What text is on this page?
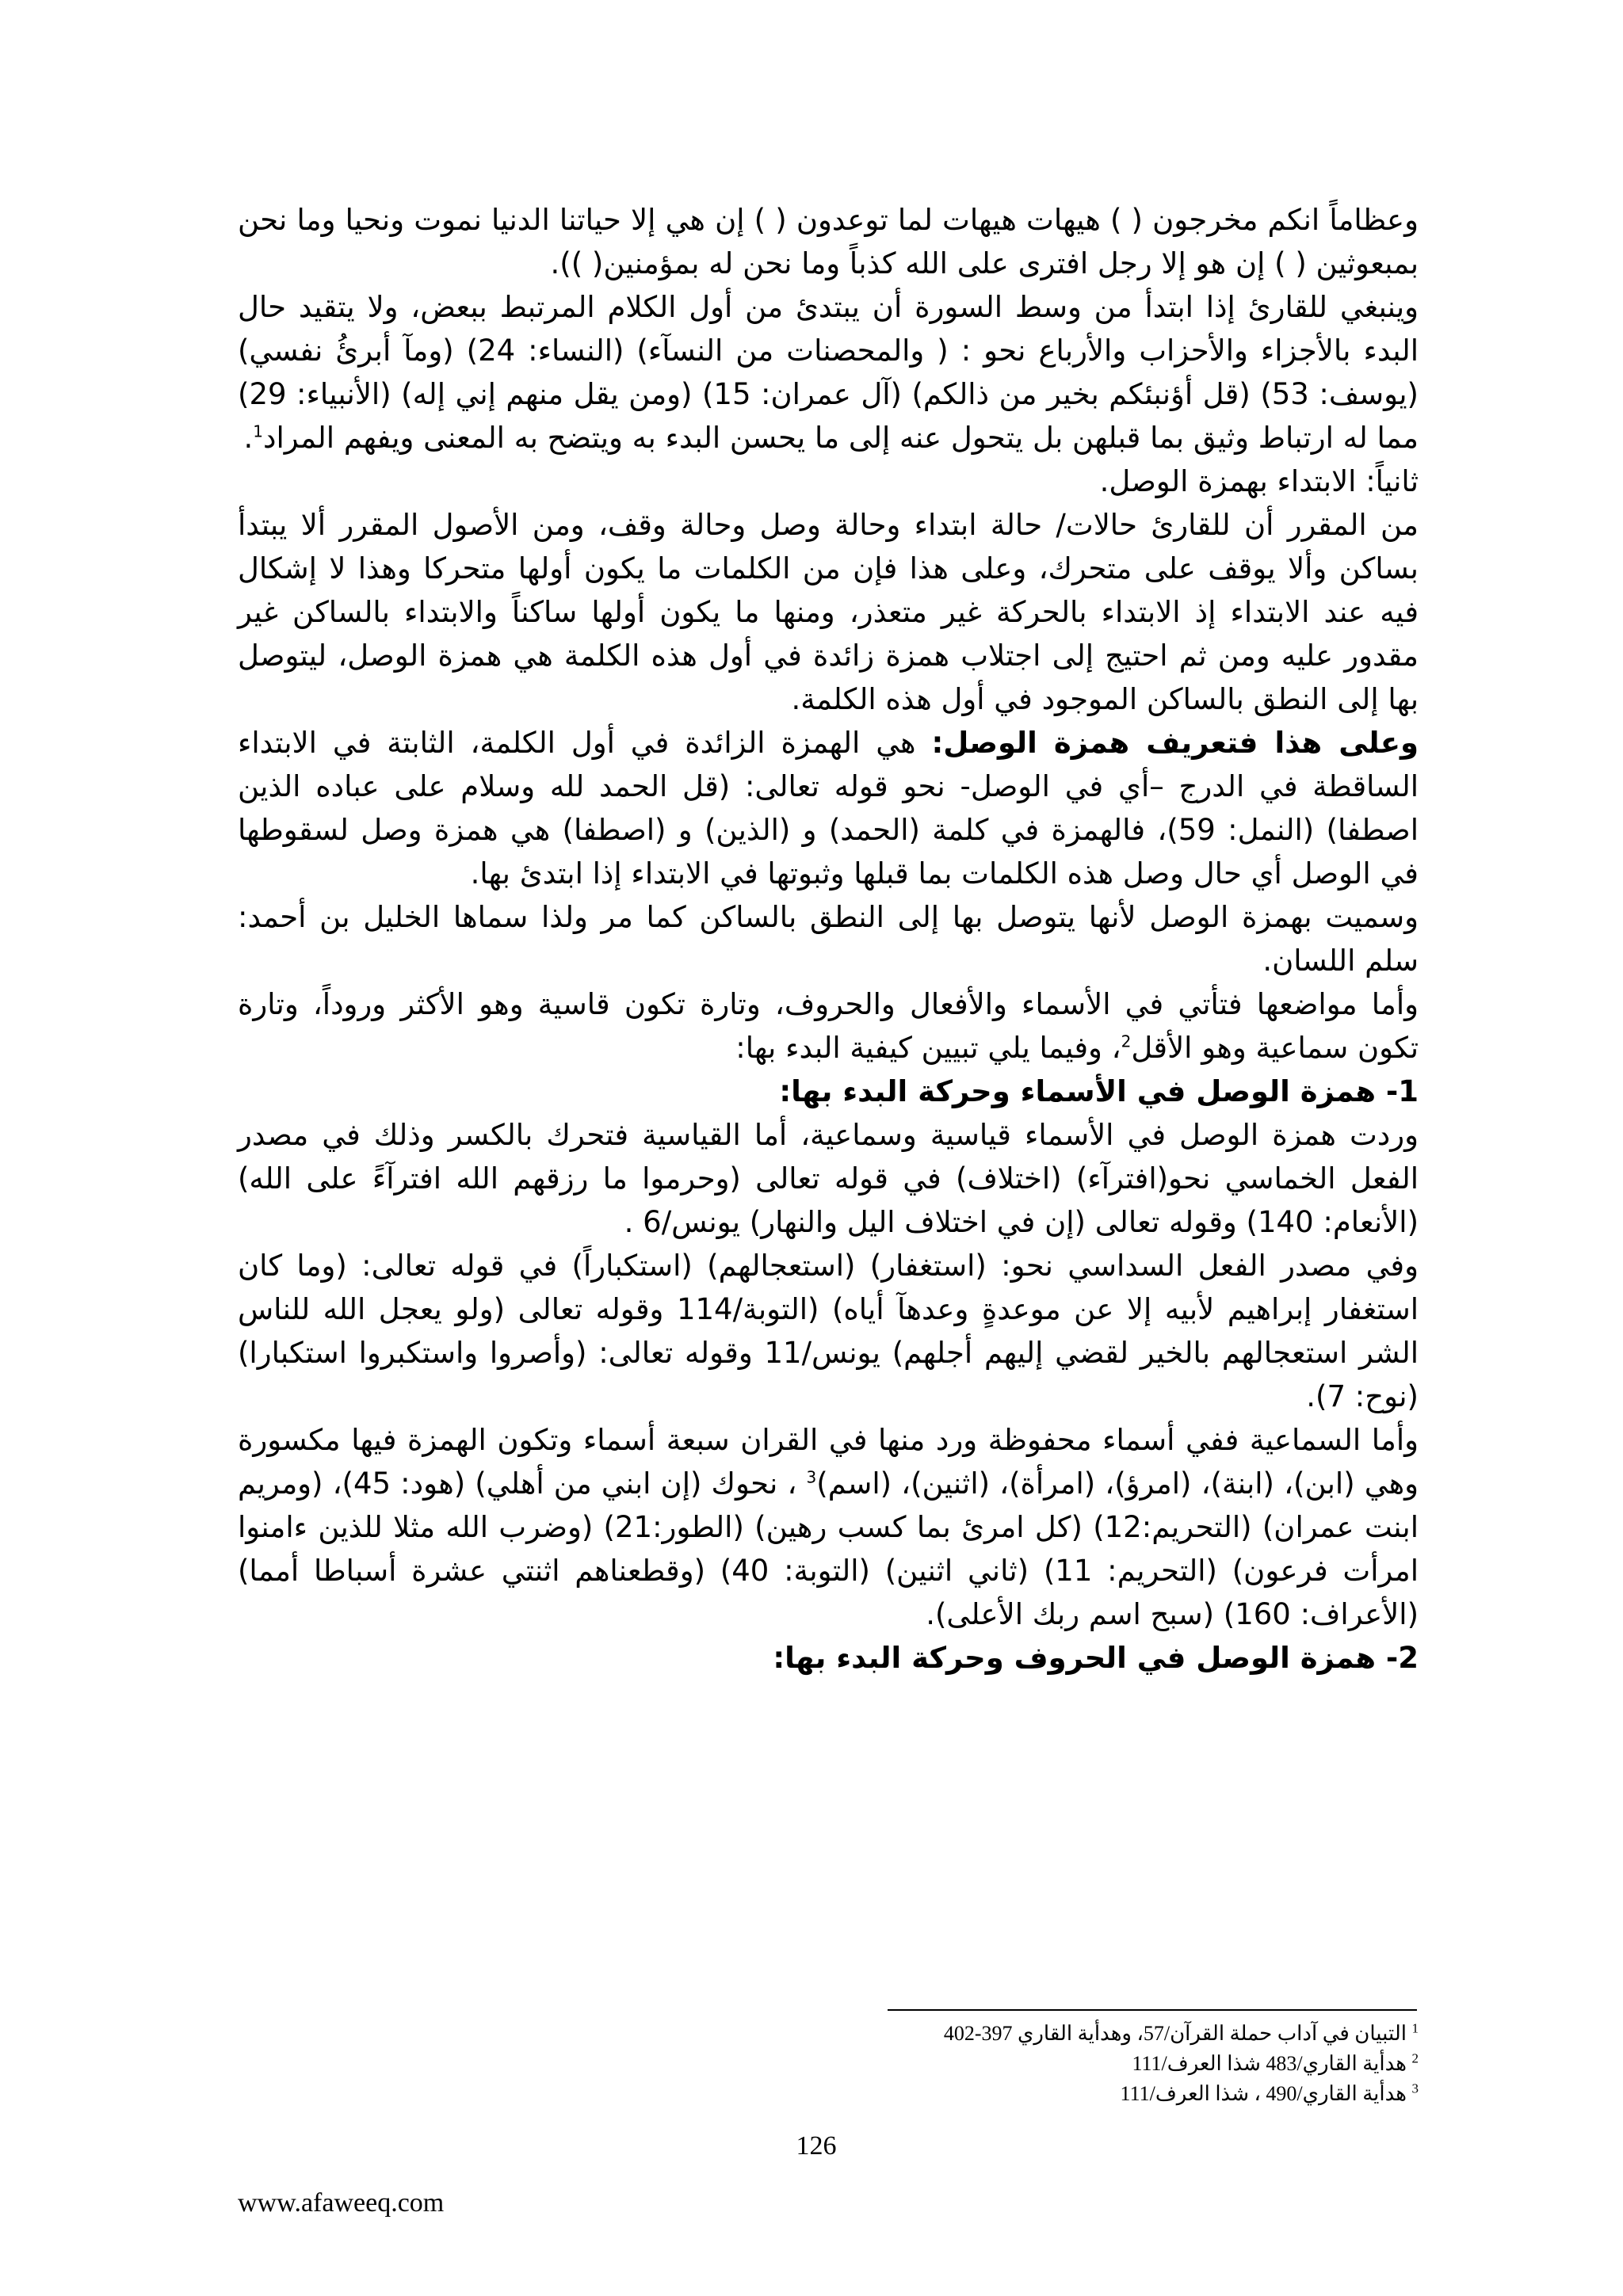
وعظاماً انكم مخرجون ( ) هيهات هيهات لما توعدون ( ) إن هي إلا حياتنا الدنيا نموت ونحيا وما نحن بمبعوثين ( ) إن هو إلا رجل افترى على الله كذباً وما نحن له بمؤمنين( )).

وينبغي للقارئ إذا ابتدأ من وسط السورة أن يبتدئ من أول الكلام المرتبط ببعض، ولا يتقيد حال البدء بالأجزاء والأحزاب والأرباع نحو : ( والمحصنات من النسآء) (النساء: 24) (ومآ أبرئُ نفسي) (يوسف: 53) (قل أؤنبئكم بخير من ذالكم) (آل عمران: 15) (ومن يقل منهم إني إله) (الأنبياء: 29) مما له ارتباط وثيق بما قبلهن بل يتحول عنه إلى ما يحسن البدء به ويتضح به المعنى ويفهم المراد$^1$.

ثانياً: الابتداء بهمزة الوصل.

من المقرر أن للقارئ حالات/ حالة ابتداء وحالة وصل وحالة وقف، ومن الأصول المقرر ألا يبتدأ بساكن وألا يوقف على متحرك، وعلى هذا فإن من الكلمات ما يكون أولها متحركا وهذا لا إشكال فيه عند الابتداء إذ الابتداء بالحركة غير متعذر، ومنها ما يكون أولها ساكناً والابتداء بالساكن غير مقدور عليه ومن ثم احتيج إلى اجتلاب همزة زائدة في أول هذه الكلمة هي همزة الوصل، ليتوصل بها إلى النطق بالساكن الموجود في أول هذه الكلمة.

وعلى هذا فتعريف همزة الوصل: هي الهمزة الزائدة في أول الكلمة، الثابتة في الابتداء الساقطة في الدرج –أي في الوصل- نحو قوله تعالى: (قل الحمد لله وسلام على عباده الذين اصطفا) (النمل: 59)، فالهمزة في كلمة (الحمد) و (الذين) و (اصطفا) هي همزة وصل لسقوطها في الوصل أي حال وصل هذه الكلمات بما قبلها وثبوتها في الابتداء إذا ابتدئ بها.

وسميت بهمزة الوصل لأنها يتوصل بها إلى النطق بالساكن كما مر ولذا سماها الخليل بن أحمد: سلم اللسان.

وأما مواضعها فتأتي في الأسماء والأفعال والحروف، وتارة تكون قاسية وهو الأكثر وروداً، وتارة تكون سماعية وهو الأقل$^2$، وفيما يلي تبيين كيفية البدء بها:

1- همزة الوصل في الأسماء وحركة البدء بها:

وردت همزة الوصل في الأسماء قياسية وسماعية، أما القياسية فتحرك بالكسر وذلك في مصدر الفعل الخماسي نحو(افترآء) (اختلاف) في قوله تعالى (وحرموا ما رزقهم الله افترآءً على الله) (الأنعام: 140) وقوله تعالى (إن في اختلاف اليل والنهار) يونس/6 .

وفي مصدر الفعل السداسي نحو: (استغفار) (استعجالهم) (استكباراً) في قوله تعالى: (وما كان استغفار إبراهيم لأبيه إلا عن موعدةٍ وعدهآ أياه) (التوبة/114 وقوله تعالى (ولو يعجل الله للناس الشر استعجالهم بالخير لقضي إليهم أجلهم) يونس/11 وقوله تعالى: (وأصروا واستكبروا استكبارا) (نوح: 7).

وأما السماعية ففي أسماء محفوظة ورد منها في القران سبعة أسماء وتكون الهمزة فيها مكسورة وهي (ابن)، (ابنة)، (امرؤ)، (امرأة)، (اثنين)، (اسم)$^3$ ، نحوك (إن ابني من أهلي) (هود: 45)، (ومريم ابنت عمران) (التحريم:12) (كل امرئ بما كسب رهين) (الطور:21) (وضرب الله مثلا للذين ءامنوا امرأت فرعون) (التحريم: 11) (ثاني اثنين) (التوبة: 40) (وقطعناهم اثنتي عشرة أسباطا أمما) (الأعراف: 160) (سبح اسم ربك الأعلى).

2- همزة الوصل في الحروف وحركة البدء بها:

$^1$ التبيان في آداب حملة القرآن/57، وهدأية القاري 397-402
$^2$ هدأية القاري/483 شذا العرف/111
$^3$ هدأية القاري/490 ، شذا العرف/111
126
www.afaweeq.com
